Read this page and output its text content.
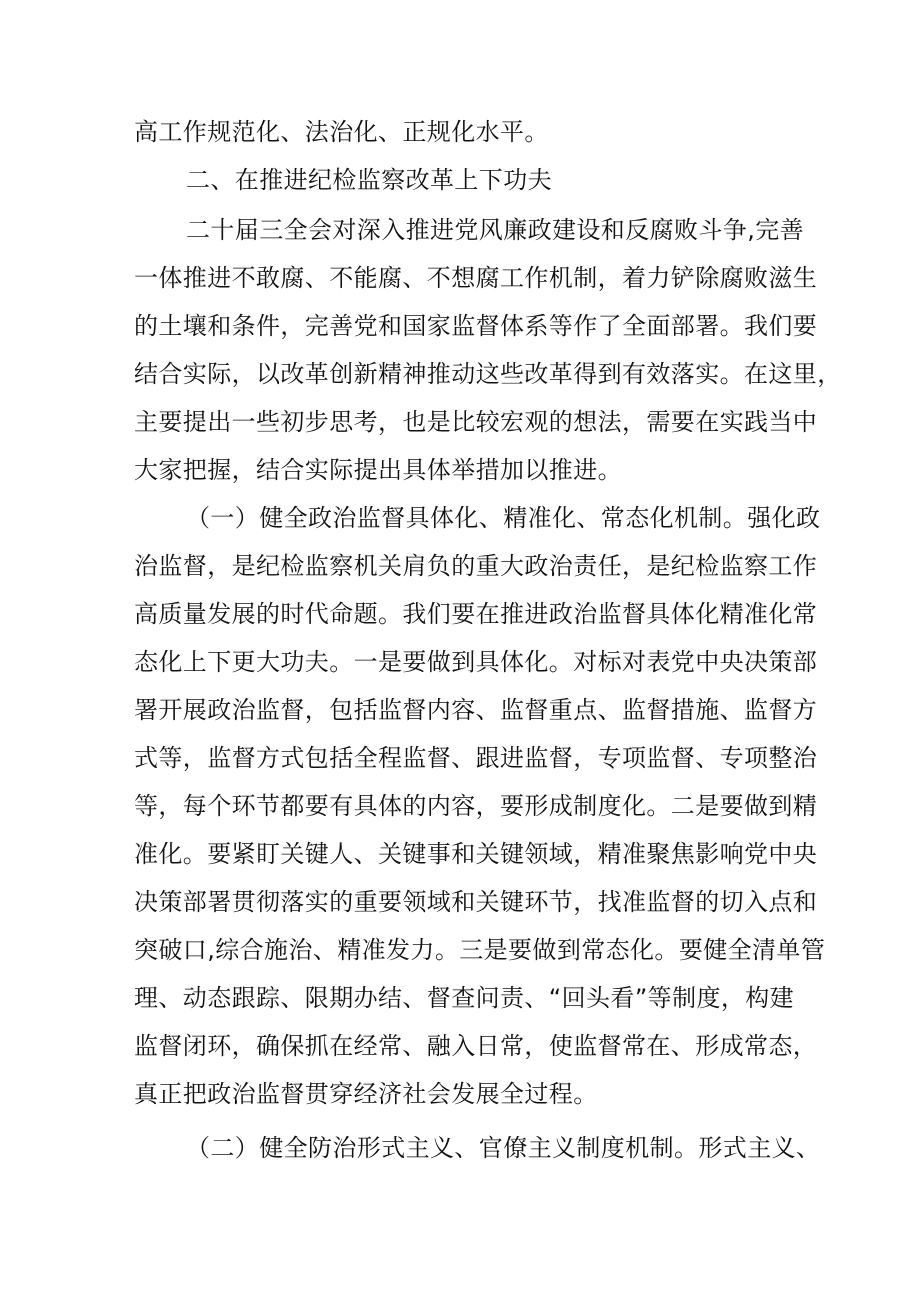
高工作规范化、法治化、正规化水平。
二、在推进纪检监察改革上下功夫
二十届三全会对深入推进党风廉政建设和反腐败斗争,完善
一体推进不敢腐、不能腐、不想腐工作机制，着力铲除腐败滋生
的土壤和条件，完善党和国家监督体系等作了全面部署。我们要
结合实际，以改革创新精神推动这些改革得到有效落实。在这里，
主要提出一些初步思考，也是比较宏观的想法，需要在实践当中
大家把握，结合实际提出具体举措加以推进。
（一）健全政治监督具体化、精准化、常态化机制。强化政
治监督，是纪检监察机关肩负的重大政治责任，是纪检监察工作
高质量发展的时代命题。我们要在推进政治监督具体化精准化常
态化上下更大功夫。一是要做到具体化。对标对表党中央决策部
署开展政治监督，包括监督内容、监督重点、监督措施、监督方
式等，监督方式包括全程监督、跟进监督，专项监督、专项整治
等，每个环节都要有具体的内容，要形成制度化。二是要做到精
准化。要紧盯关键人、关键事和关键领域，精准聚焦影响党中央
决策部署贯彻落实的重要领域和关键环节，找准监督的切入点和
突破口,综合施治、精准发力。三是要做到常态化。要健全清单管
理、动态跟踪、限期办结、督查问责、“回头看”等制度，构建
监督闭环，确保抓在经常、融入日常，使监督常在、形成常态，
真正把政治监督贯穿经济社会发展全过程。
（二）健全防治形式主义、官僚主义制度机制。形式主义、
